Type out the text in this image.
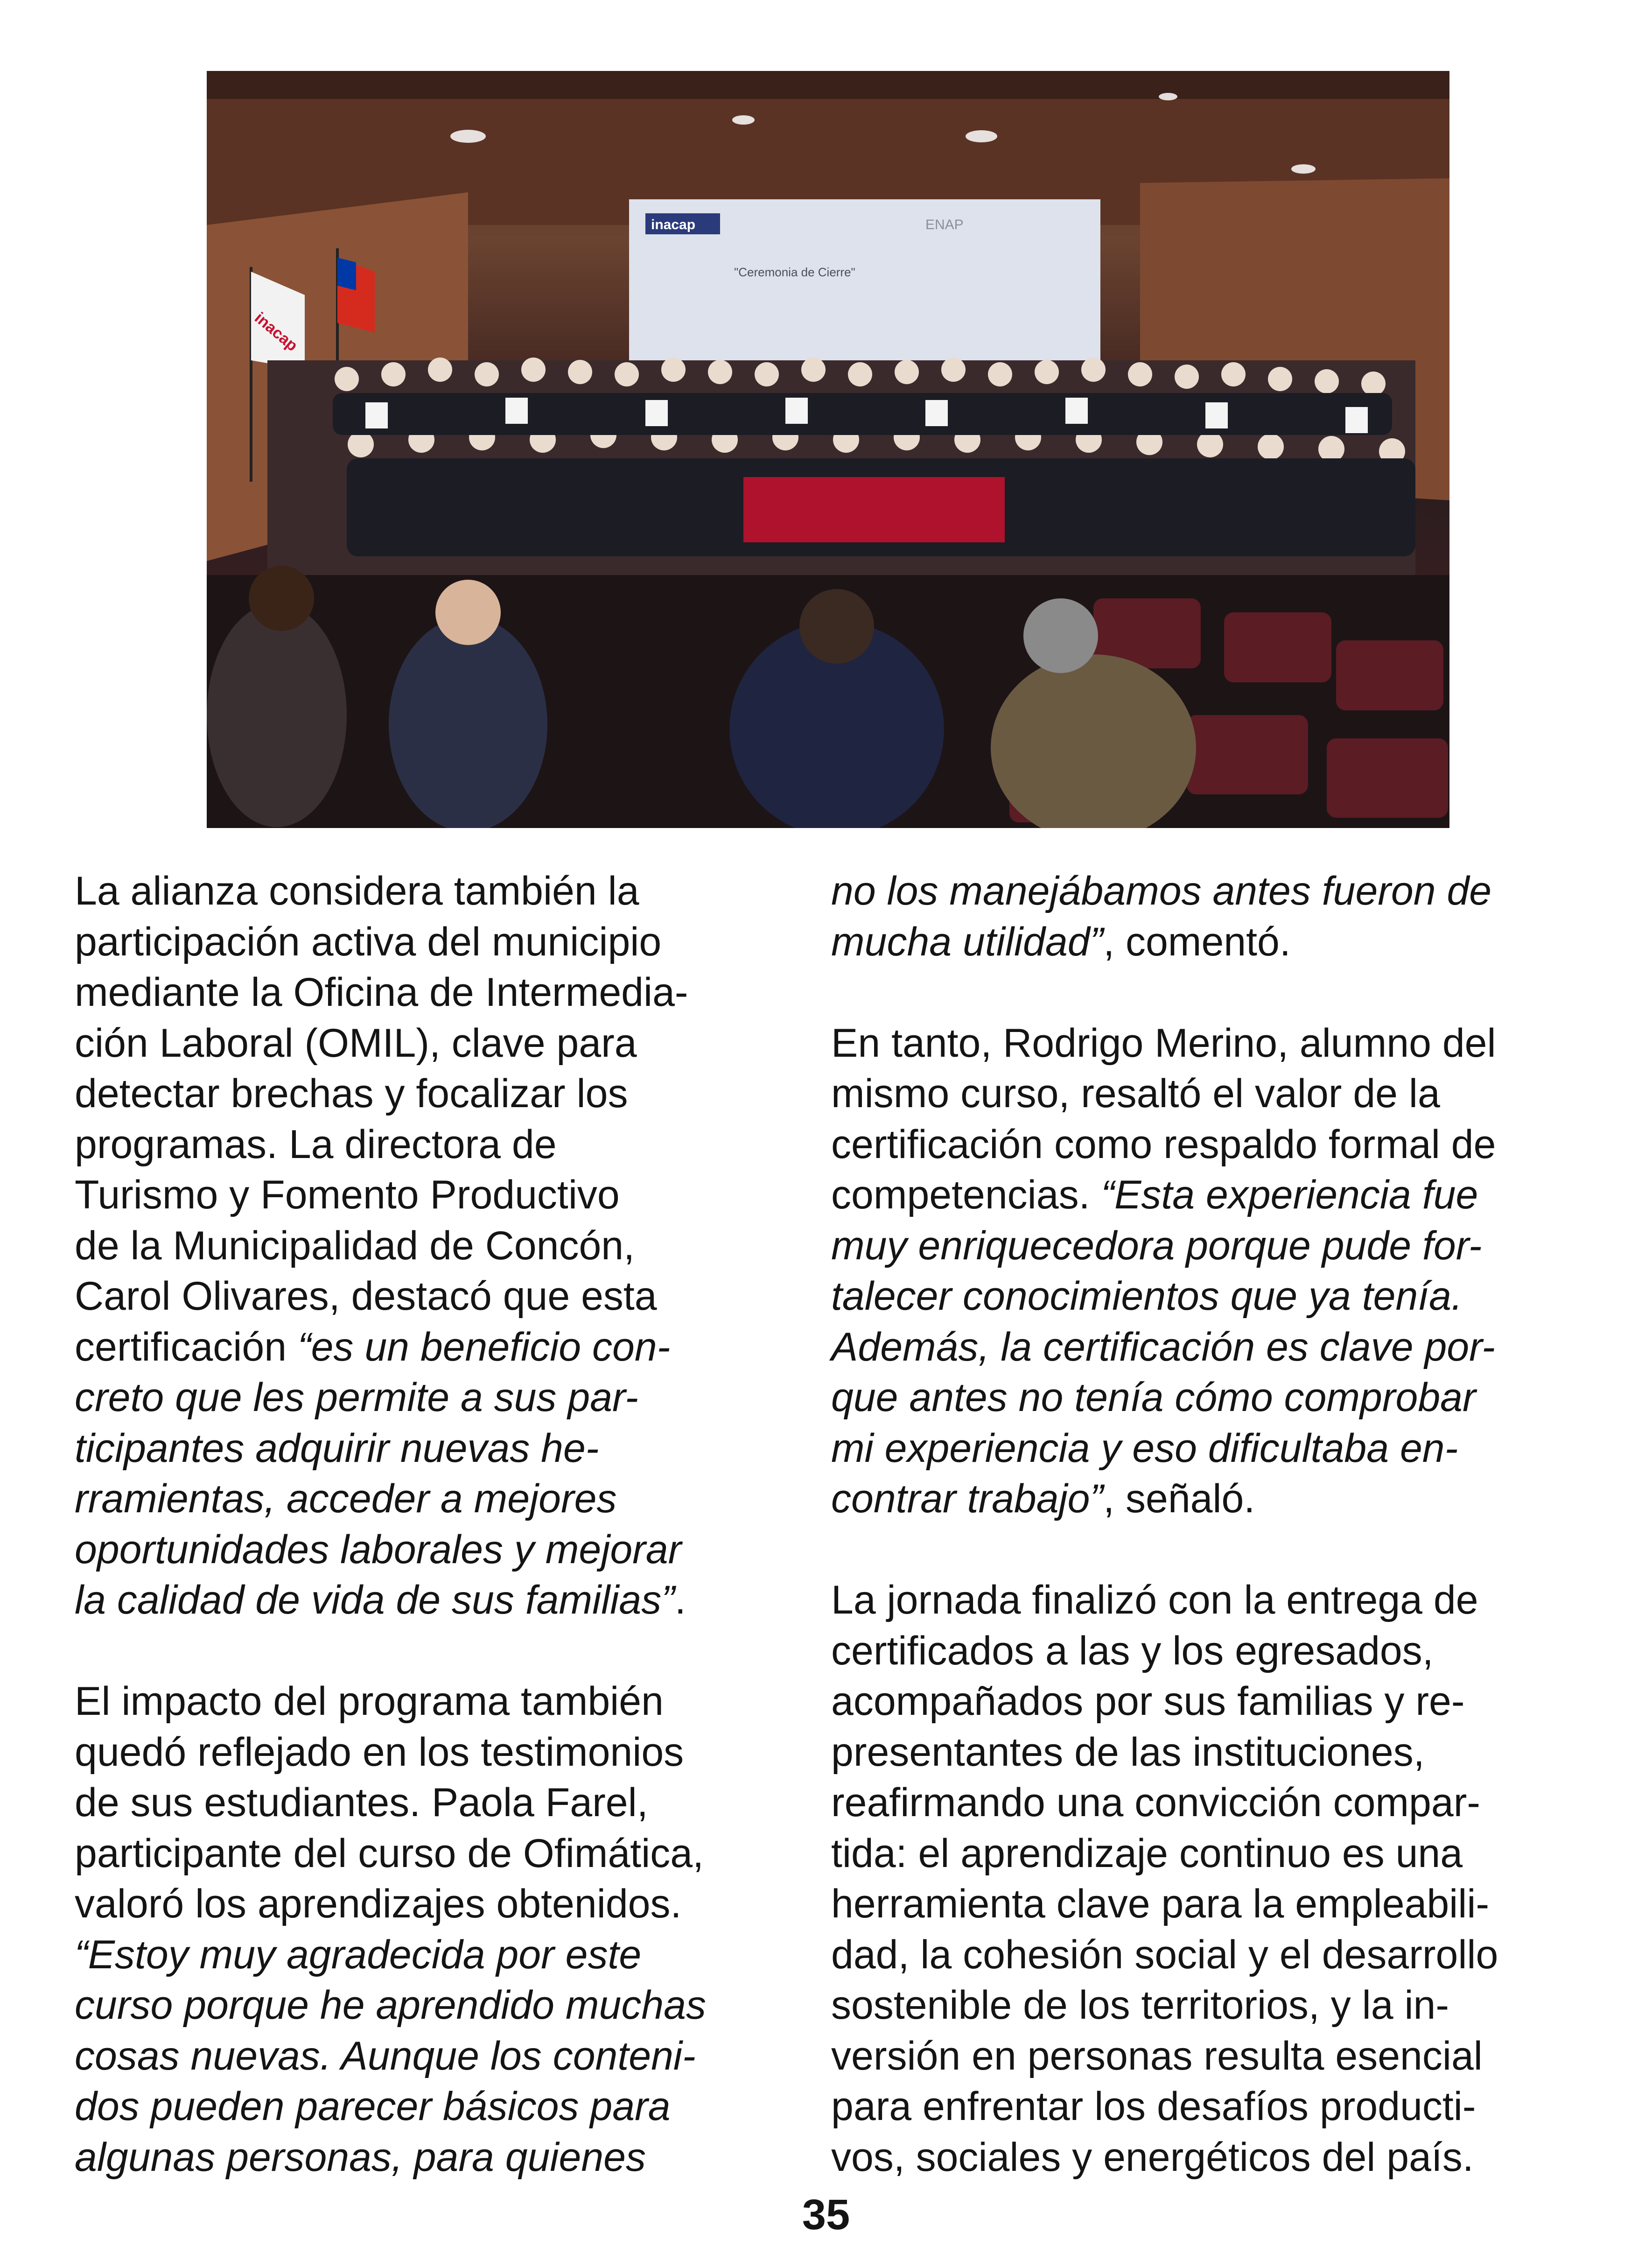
inacap	ENAP
"Ceremonia de Cierre"
inacap

La alianza considera también la

participación activa del municipio

mediante la Oficina de Intermedia-

ción Laboral (OMIL), clave para

detectar brechas y focalizar los

programas. La directora de

Turismo y Fomento Productivo

de la Municipalidad de Concón,

Carol Olivares, destacó que esta

certificación “es un beneficio con-

creto que les permite a sus par-

ticipantes adquirir nuevas he-

rramientas, acceder a mejores

oportunidades laborales y mejorar

la calidad de vida de sus familias”.

El impacto del programa también

quedó reflejado en los testimonios

de sus estudiantes. Paola Farel,

participante del curso de Ofimática,

valoró los aprendizajes obtenidos.

“Estoy muy agradecida por este

curso porque he aprendido muchas

cosas nuevas. Aunque los conteni-

dos pueden parecer básicos para

algunas personas, para quienes

no los manejábamos antes fueron de

mucha utilidad”, comentó.

En tanto, Rodrigo Merino, alumno del

mismo curso, resaltó el valor de la

certificación como respaldo formal de

competencias. “Esta experiencia fue

muy enriquecedora porque pude for-

talecer conocimientos que ya tenía.

Además, la certificación es clave por-

que antes no tenía cómo comprobar

mi experiencia y eso dificultaba en-

contrar trabajo”, señaló.

La jornada finalizó con la entrega de

certificados a las y los egresados,

acompañados por sus familias y re-

presentantes de las instituciones,

reafirmando una convicción compar-

tida: el aprendizaje continuo es una

herramienta clave para la empleabili-

dad, la cohesión social y el desarrollo

sostenible de los territorios, y la in-

versión en personas resulta esencial

para enfrentar los desafíos producti-

vos, sociales y energéticos del país.

35
